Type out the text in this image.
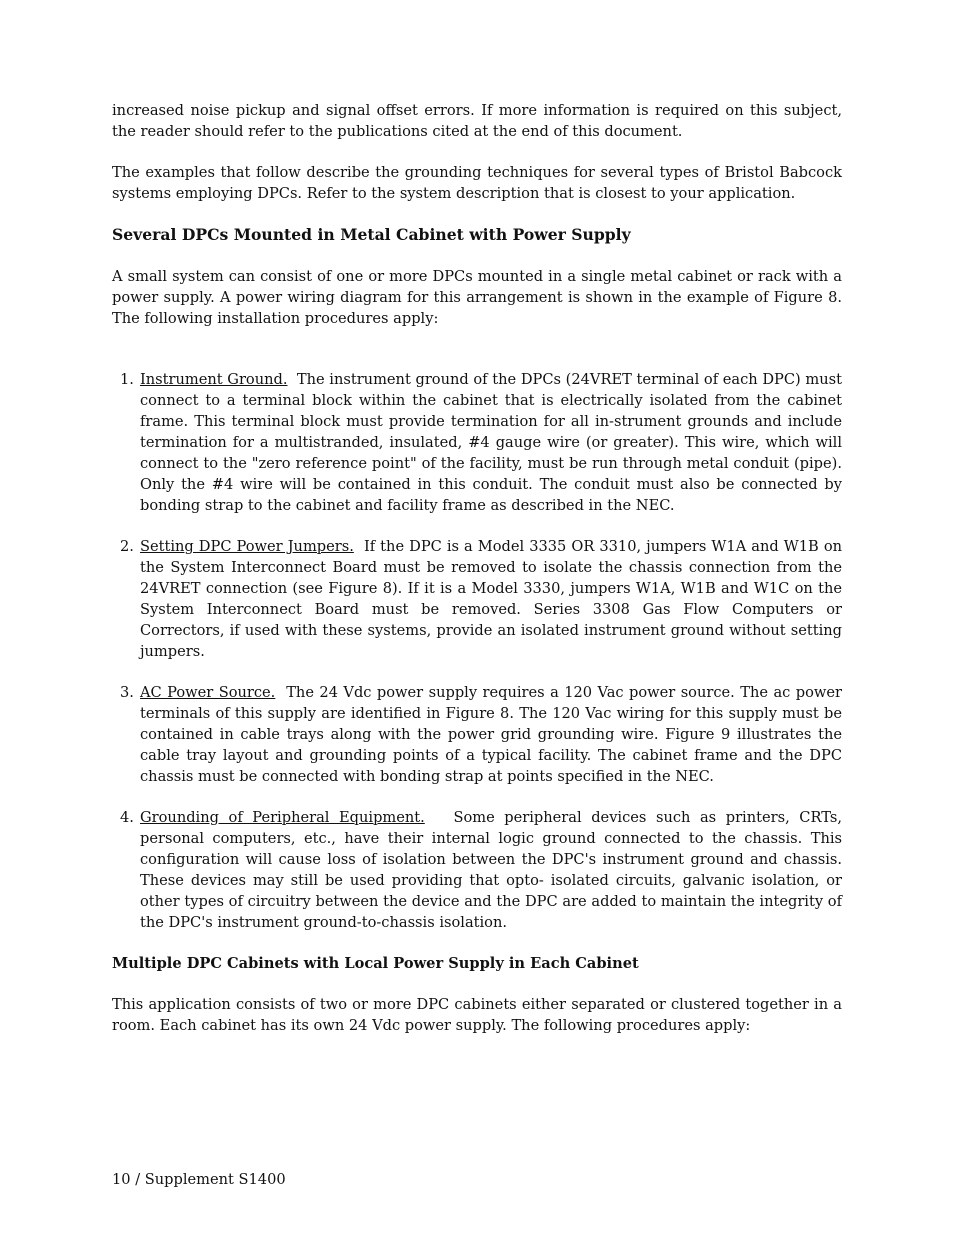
increased noise pickup and signal offset errors. If more information is required on this subject, the reader should refer to the publications cited at the end of this document.

The examples that follow describe the grounding techniques for several types of Bristol Babcock systems employing DPCs. Refer to the system description that is closest to your application.

Several DPCs Mounted in Metal Cabinet with Power Supply

A small system can consist of one or more DPCs mounted in a single metal cabinet or rack with a power supply. A power wiring diagram for this arrangement is shown in the example of Figure 8. The following installation procedures apply:

1. Instrument Ground. The instrument ground of the DPCs (24VRET terminal of each DPC) must connect to a terminal block within the cabinet that is electrically isolated from the cabinet frame. This terminal block must provide termination for all in-strument grounds and include termination for a multistranded, insulated, #4 gauge wire (or greater). This wire, which will connect to the "zero reference point" of the facility, must be run through metal conduit (pipe). Only the #4 wire will be contained in this conduit. The conduit must also be connected by bonding strap to the cabinet and facility frame as described in the NEC.
2. Setting DPC Power Jumpers. If the DPC is a Model 3335 OR 3310, jumpers W1A and W1B on the System Interconnect Board must be removed to isolate the chassis connection from the 24VRET connection (see Figure 8). If it is a Model 3330, jumpers W1A, W1B and W1C on the System Interconnect Board must be removed. Series 3308 Gas Flow Computers or Correctors, if used with these systems, provide an isolated instrument ground without setting jumpers.
3. AC Power Source. The 24 Vdc power supply requires a 120 Vac power source. The ac power terminals of this supply are identified in Figure 8. The 120 Vac wiring for this supply must be contained in cable trays along with the power grid grounding wire. Figure 9 illustrates the cable tray layout and grounding points of a typical facility. The cabinet frame and the DPC chassis must be connected with bonding strap at points specified in the NEC.
4. Grounding of Peripheral Equipment. Some peripheral devices such as printers, CRTs, personal computers, etc., have their internal logic ground connected to the chassis. This configuration will cause loss of isolation between the DPC's instrument ground and chassis. These devices may still be used providing that opto- isolated circuits, galvanic isolation, or other types of circuitry between the device and the DPC are added to maintain the integrity of the DPC's instrument ground-to-chassis isolation.
Multiple DPC Cabinets with Local Power Supply in Each Cabinet

This application consists of two or more DPC cabinets either separated or clustered together in a room. Each cabinet has its own 24 Vdc power supply. The following procedures apply:

10 / Supplement S1400
